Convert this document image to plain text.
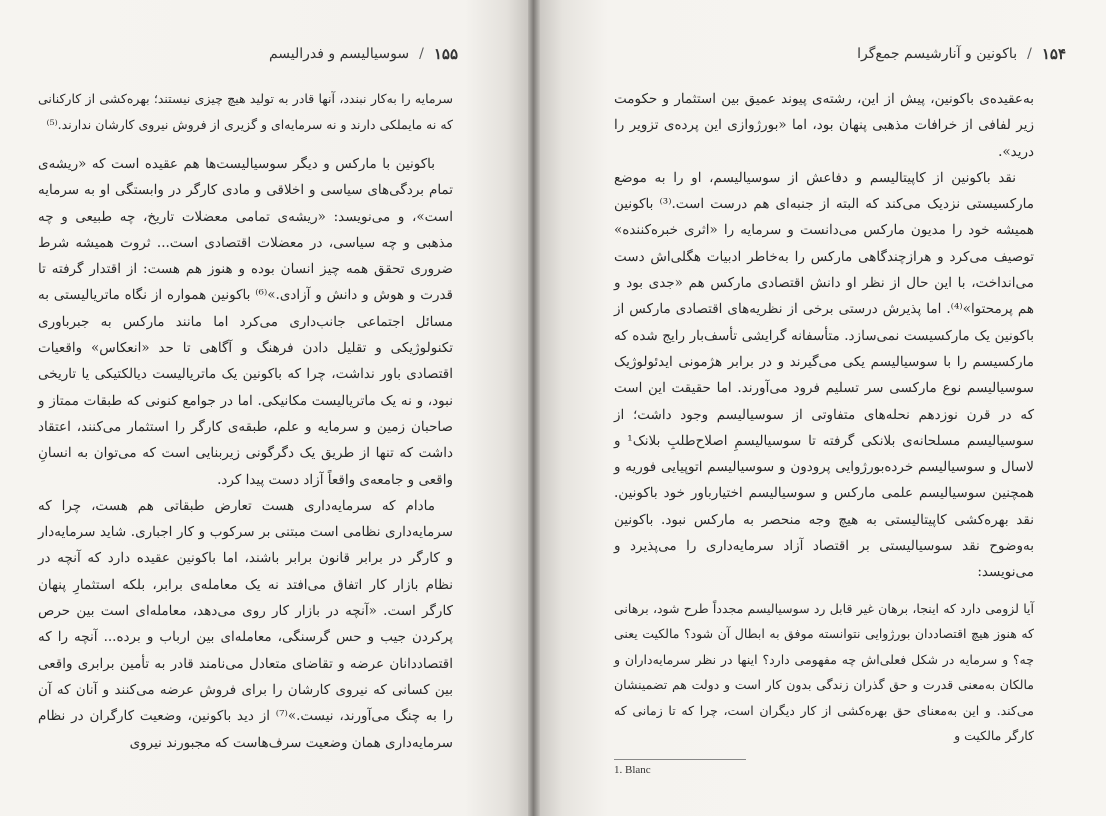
۱۵۵
/
سوسیالیسم و فدرالیسم

سرمایه را به‌کار نبندد، آنها قادر به تولید هیچ چیزی نیستند؛ بهره‌کشی از کارکنانی که نه مایملکی دارند و نه سرمایه‌ای و گزیری از فروش نیروی کارشان ندارند.⁽⁵⁾

باکونین با مارکس و دیگر سوسیالیست‌ها هم عقیده است که «ریشه‌ی تمام بردگی‌های سیاسی و اخلاقی و مادی کارگر در وابستگی او به سرمایه است»، و می‌نویسد: «ریشه‌ی تمامی معضلات تاریخ، چه طبیعی و چه مذهبی و چه سیاسی، در معضلات اقتصادی است... ثروت همیشه شرط ضروری تحقق همه چیز انسان بوده و هنوز هم هست: از اقتدار گرفته تا قدرت و هوش و دانش و آزادی.»⁽⁶⁾ باکونین همواره از نگاه ماتریالیستی به مسائل اجتماعی جانب‌داری می‌کرد اما مانند مارکس به جبرباوری تکنولوژیکی و تقلیل دادن فرهنگ و آگاهی تا حد «انعکاس» واقعیات اقتصادی باور نداشت، چرا که باکونین یک ماتریالیست دیالکتیکی یا تاریخی نبود، و نه یک ماتریالیست مکانیکی. اما در جوامع کنونی که طبقات ممتاز و صاحبان زمین و سرمایه و علم، طبقه‌ی کارگر را استثمار می‌کنند، اعتقاد داشت که تنها از طریق یک دگرگونی زیربنایی است که می‌توان به انسانِ واقعی و جامعه‌ی واقعاً آزاد دست پیدا کرد.

مادام که سرمایه‌داری هست تعارض طبقاتی هم هست، چرا که سرمایه‌داری نظامی است مبتنی بر سرکوب و کار اجباری. شاید سرمایه‌دار و کارگر در برابر قانون برابر باشند، اما باکونین عقیده دارد که آنچه در نظام بازار کار اتفاق می‌افتد نه یک معامله‌ی برابر، بلکه استثمارِ پنهان کارگر است. «آنچه در بازار کار روی می‌دهد، معامله‌ای است بین حرص پرکردن جیب و حس گرسنگی، معامله‌ای بین ارباب و برده... آنچه را که اقتصاددانان عرضه و تقاضای متعادل می‌نامند قادر به تأمین برابری واقعی بین کسانی که نیروی کارشان را برای فروش عرضه می‌کنند و آنان که آن را به چنگ می‌آورند، نیست.»⁽⁷⁾ از دید باکونین، وضعیت کارگران در نظام سرمایه‌داری همان وضعیت سرف‌هاست که مجبورند نیروی

۱۵۴
/
باکونین و آنارشیسم جمع‌گرا

به‌عقیده‌ی باکونین، پیش از این، رشته‌ی پیوند عمیق بین استثمار و حکومت زیر لفافی از خرافات مذهبی پنهان بود، اما «بورژوازی این پرده‌ی تزویر را درید».

نقد باکونین از کاپیتالیسم و دفاعش از سوسیالیسم، او را به موضع مارکسیستی نزدیک می‌کند که البته از جنبه‌ای هم درست است.⁽³⁾ باکونین همیشه خود را مدیون مارکس می‌دانست و سرمایه را «اثری خبره‌کننده» توصیف می‌کرد و هرازچندگاهی مارکس را به‌خاطر ادبیات هگلی‌اش دست می‌انداخت، با این حال از نظر او دانش اقتصادی مارکس هم «جدی بود و هم پرمحتوا»⁽⁴⁾. اما پذیرش درستی برخی از نظریه‌های اقتصادی مارکس از باکونین یک مارکسیست نمی‌سازد. متأسفانه گرایشی تأسف‌بار رایج شده که مارکسیسم را با سوسیالیسم یکی می‌گیرند و در برابر هژمونی ایدئولوژیک سوسیالیسم نوع مارکسی سر تسلیم فرود می‌آورند. اما حقیقت این است که در قرن نوزدهم نحله‌های متفاوتی از سوسیالیسم وجود داشت؛ از سوسیالیسم مسلحانه‌ی بلانکی گرفته تا سوسیالیسمِ اصلاح‌طلبِ بلانک¹ و لاسال و سوسیالیسم خرده‌بورژوایی پرودون و سوسیالیسم اتوپیایی فوریه و همچنین سوسیالیسم علمی مارکس و سوسیالیسم اختیارباور خود باکونین. نقد بهره‌کشی کاپیتالیستی به هیچ وجه منحصر به مارکس نبود. باکونین به‌وضوح نقد سوسیالیستی بر اقتصاد آزاد سرمایه‌داری را می‌پذیرد و می‌نویسد:

آیا لزومی دارد که اینجا، برهان غیر قابل رد سوسیالیسم مجدداً طرح شود، برهانی که هنوز هیچ اقتصاددان بورژوایی نتوانسته موفق به ابطال آن شود؟ مالکیت یعنی چه؟ و سرمایه در شکل فعلی‌اش چه مفهومی دارد؟ اینها در نظر سرمایه‌داران و مالکان به‌معنی قدرت و حق گذران زندگی بدون کار است و دولت هم تضمینشان می‌کند. و این به‌معنای حق بهره‌کشی از کار دیگران است، چرا که تا زمانی که کارگر مالکیت و

1. Blanc
